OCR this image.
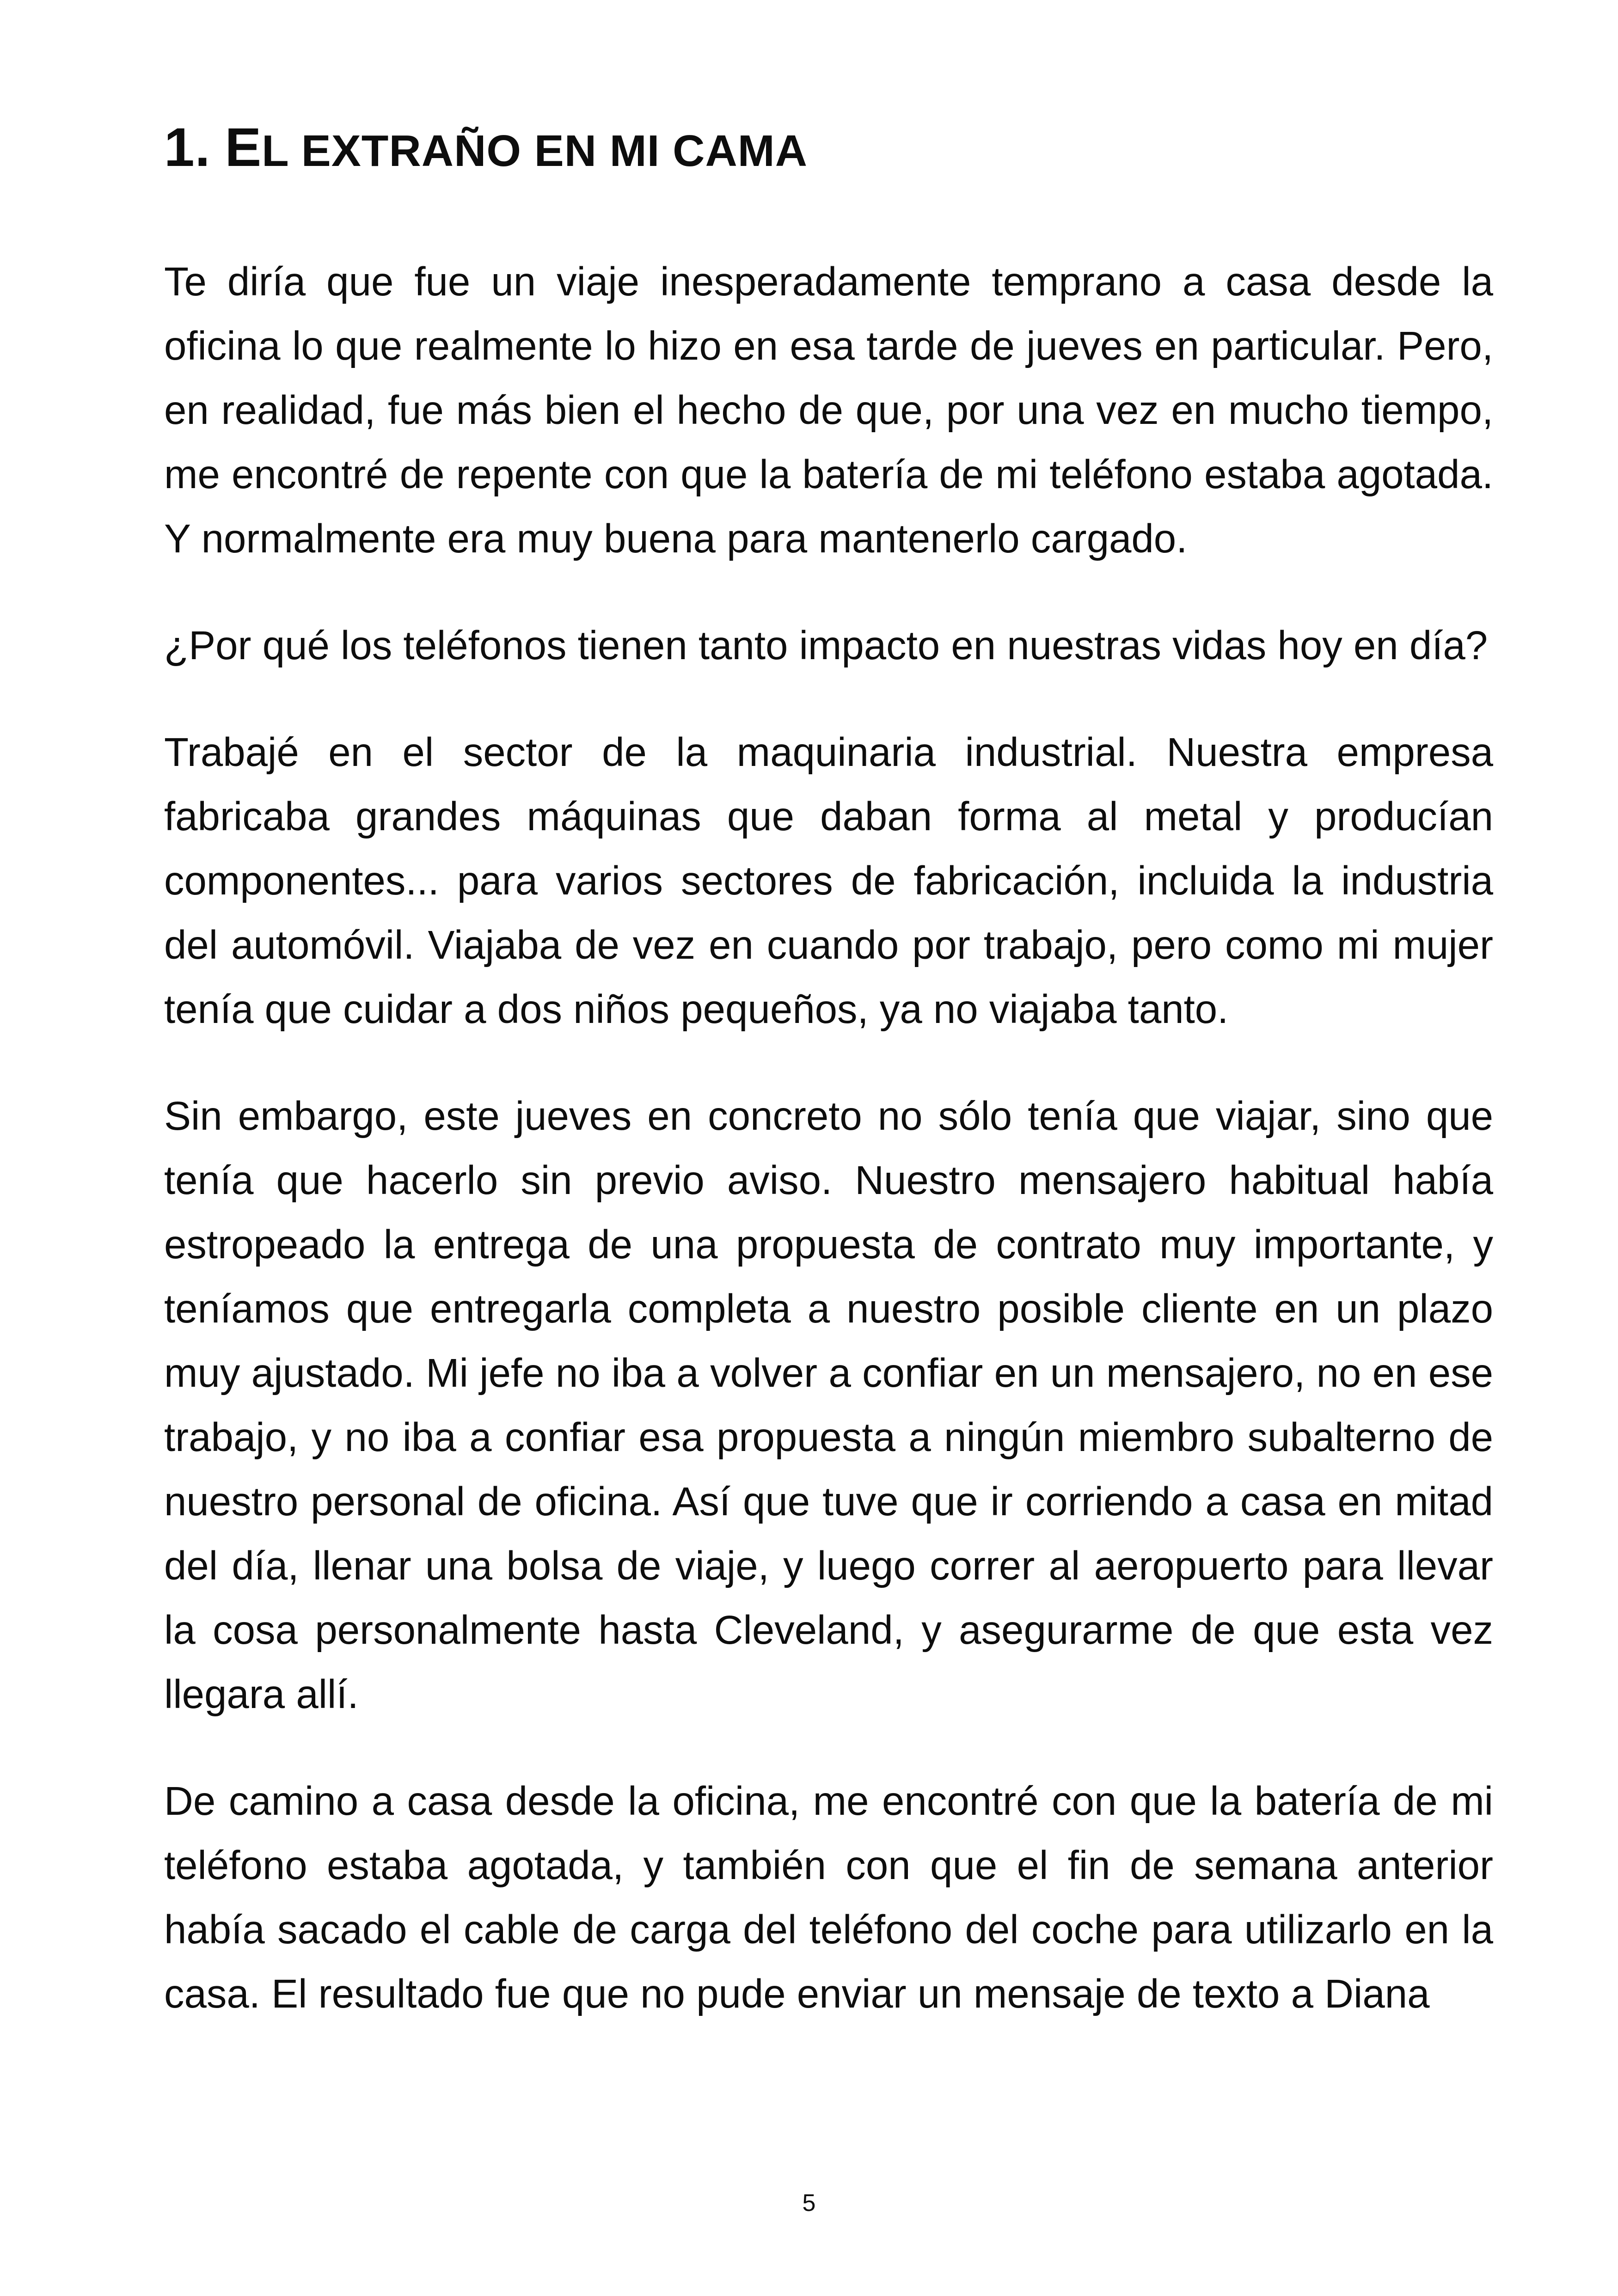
1. EL EXTRAÑO EN MI CAMA

Te diría que fue un viaje inesperadamente temprano a casa desde la oficina lo que realmente lo hizo en esa tarde de jueves en particular. Pero, en realidad, fue más bien el hecho de que, por una vez en mucho tiempo, me encontré de repente con que la batería de mi teléfono estaba agotada. Y normalmente era muy buena para mantenerlo cargado.

¿Por qué los teléfonos tienen tanto impacto en nuestras vidas hoy en día?

Trabajé en el sector de la maquinaria industrial. Nuestra empresa fabricaba grandes máquinas que daban forma al metal y producían componentes... para varios sectores de fabricación, incluida la industria del automóvil. Viajaba de vez en cuando por trabajo, pero como mi mujer tenía que cuidar a dos niños pequeños, ya no viajaba tanto.

Sin embargo, este jueves en concreto no sólo tenía que viajar, sino que tenía que hacerlo sin previo aviso. Nuestro mensajero habitual había estropeado la entrega de una propuesta de contrato muy importante, y teníamos que entregarla completa a nuestro posible cliente en un plazo muy ajustado. Mi jefe no iba a volver a confiar en un mensajero, no en ese trabajo, y no iba a confiar esa propuesta a ningún miembro subalterno de nuestro personal de oficina. Así que tuve que ir corriendo a casa en mitad del día, llenar una bolsa de viaje, y luego correr al aeropuerto para llevar la cosa personalmente hasta Cleveland, y asegurarme de que esta vez llegara allí.

De camino a casa desde la oficina, me encontré con que la batería de mi teléfono estaba agotada, y también con que el fin de semana anterior había sacado el cable de carga del teléfono del coche para utilizarlo en la casa. El resultado fue que no pude enviar un mensaje de texto a Diana

5
